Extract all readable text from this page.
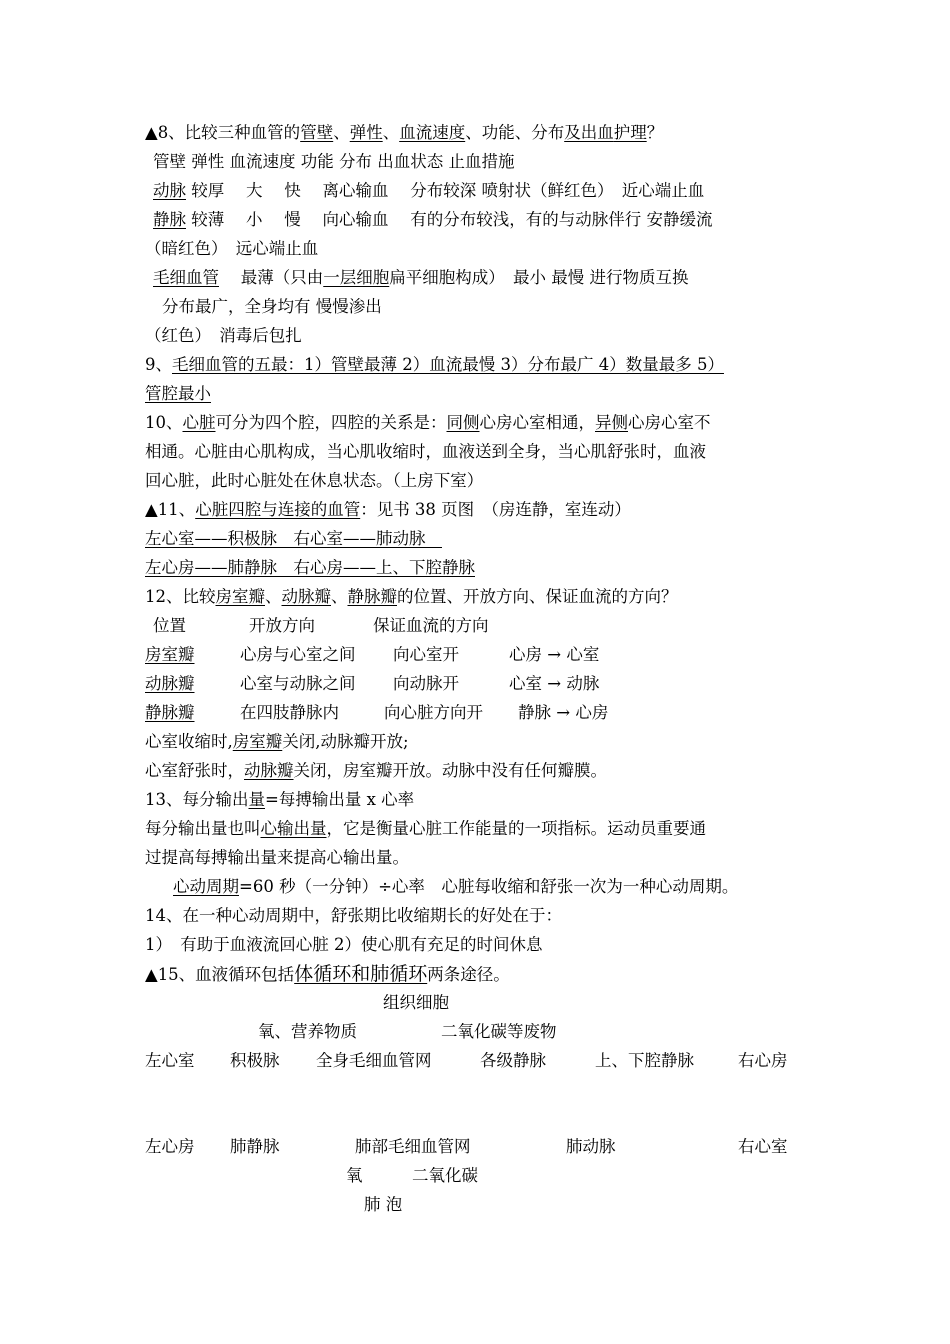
▲8、比较三种血管的管壁、弹性、血流速度、功能、分布及出血护理？
管壁 弹性 血流速度 功能 分布 出血状态 止血措施
动脉 较厚　 大　 快　 离心输血　 分布较深 喷射状（鲜红色）　近心端止血
静脉 较薄　 小　 慢　 向心输血　 有的分布较浅，有的与动脉伴行 安静缓流
（暗红色）　远心端止血
毛细血管　 最薄（只由一层细胞扁平细胞构成）　最小 最慢 进行物质互换
分布最广，全身均有 慢慢渗出
（红色）　消毒后包扎
9、毛细血管的五最：1）管壁最薄 2）血流最慢 3）分布最广 4）数量最多 5）
管腔最小
10、心脏可分为四个腔，四腔的关系是：同侧心房心室相通，异侧心房心室不
相通。心脏由心肌构成，当心肌收缩时，血液送到全身，当心肌舒张时，血液
回心脏，此时心脏处在休息状态。（上房下室）
▲11、心脏四腔与连接的血管：见书 38 页图　（房连静，室连动）
左心室——积极脉　右心室——肺动脉　
左心房——肺静脉　右心房——上、下腔静脉
12、比较房室瓣、动脉瓣、静脉瓣的位置、开放方向、保证血流的方向？
位置	开放方向	保证血流的方向
房室瓣	心房与心室之间 向心室开	心房 → 心室
动脉瓣	心室与动脉之间 向动脉开	心室 → 动脉
静脉瓣	在四肢静脉内	向心脏方向开 静脉 → 心房
心室收缩时,房室瓣关闭,动脉瓣开放;
心室舒张时，动脉瓣关闭，房室瓣开放。动脉中没有任何瓣膜。
13、每分输出量=每搏输出量 x 心率
每分输出量也叫心输出量，它是衡量心脏工作能量的一项指标。运动员重要通
过提高每搏输出量来提高心输出量。
心动周期=60 秒（一分钟）÷心率　心脏每收缩和舒张一次为一种心动周期。
14、在一种心动周期中，舒张期比收缩期长的好处在于：
1）　有助于血液流回心脏 2）使心肌有充足的时间休息
▲15、血液循环包括体循环和肺循环两条途径。
组织细胞
氧、营养物质	二氧化碳等废物
左心室 积极脉 全身毛细血管网	各级静脉	上、下腔静脉	右心房
左心房 肺静脉	肺部毛细血管网	肺动脉	右心室
氧	二氧化碳
肺 泡
